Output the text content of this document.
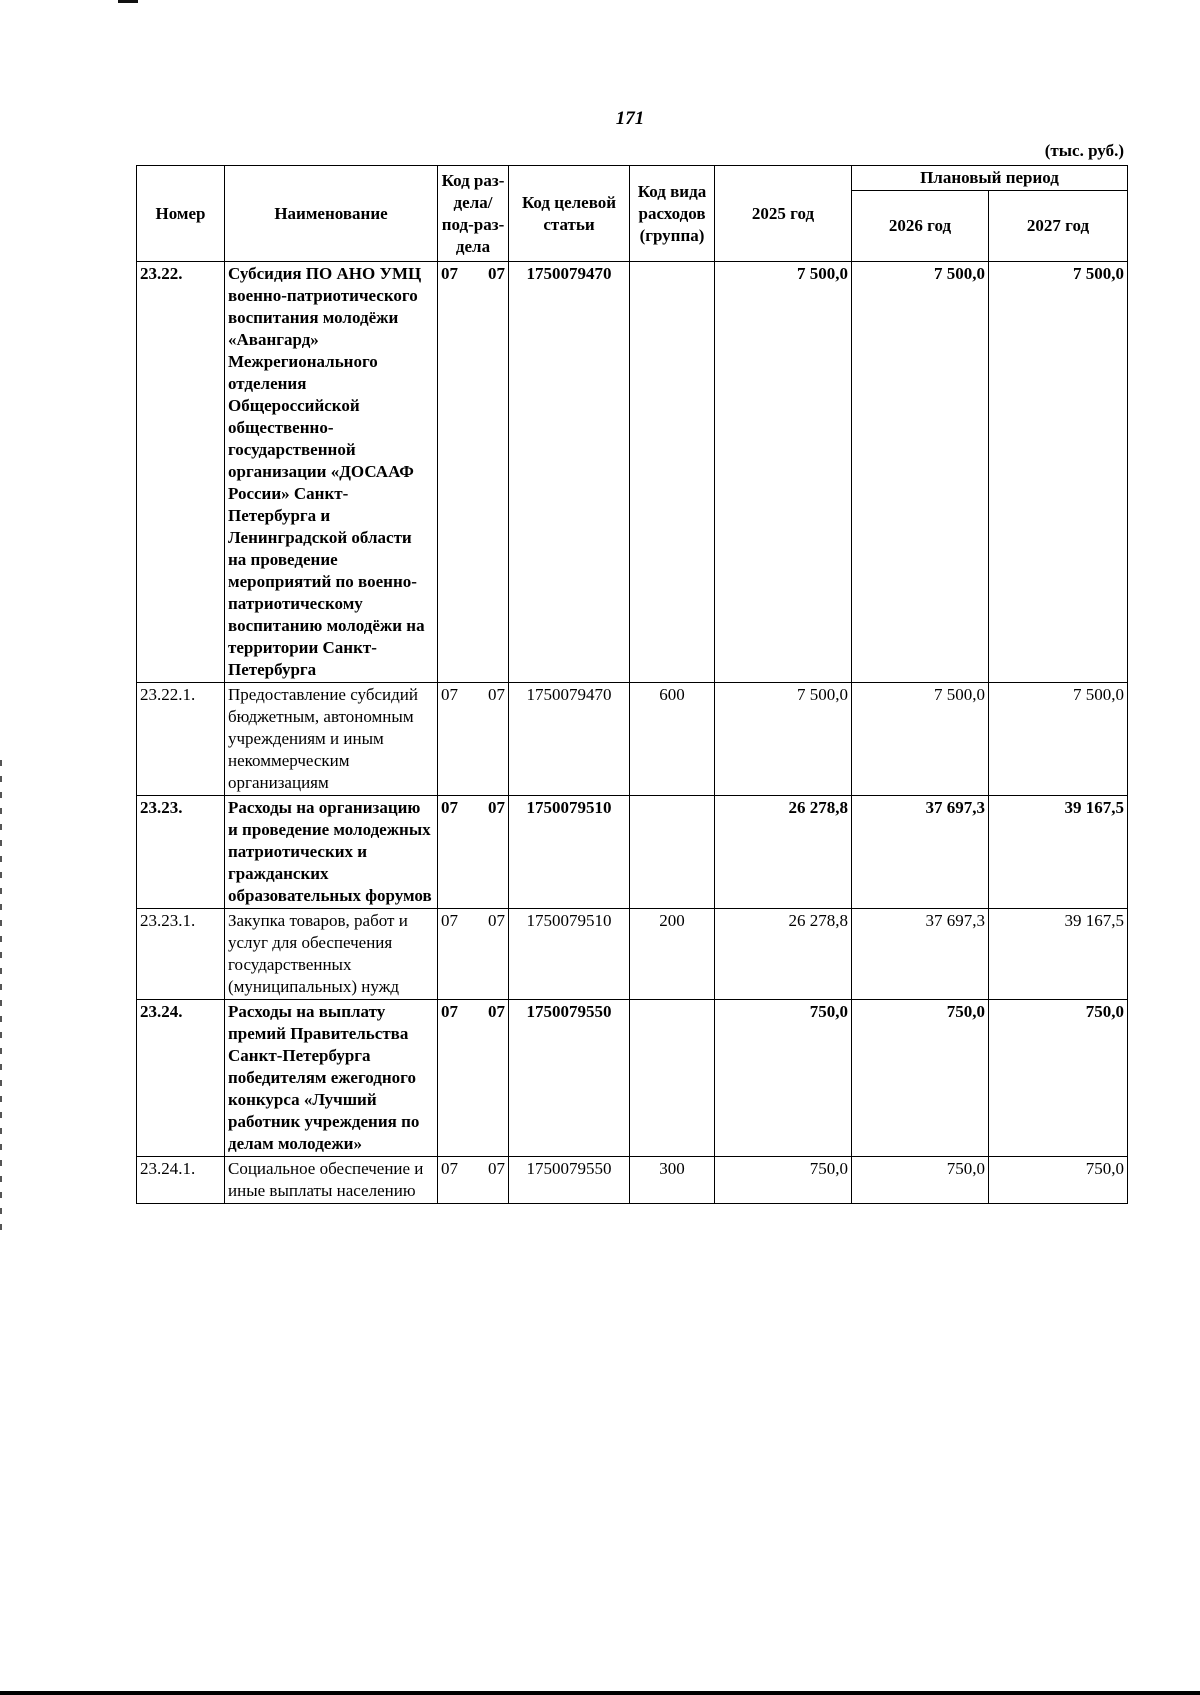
171
(тыс. руб.)
Номер	Наименование	Код раз-дела/ под-раз-дела	Код целевой статьи	Код вида расходов (группа)	2025 год	Плановый период	
						2026 год	2027 год
23.22.	Субсидия ПО АНО УМЦ военно-патриотического воспитания молодёжи «Авангард» Межрегионального отделения Общероссийской общественно-государственной организации «ДОСААФ России» Санкт-Петербурга и Ленинградской области на проведение мероприятий по военно-патриотическому воспитанию молодёжи на территории Санкт-Петербурга	07 07	1750079470		7 500,0	7 500,0	7 500,0
23.22.1.	Предоставление субсидий бюджетным, автономным учреждениям и иным некоммерческим организациям	07 07	1750079470	600	7 500,0	7 500,0	7 500,0
23.23.	Расходы на организацию и проведение молодежных патриотических и гражданских образовательных форумов	07 07	1750079510		26 278,8	37 697,3	39 167,5
23.23.1.	Закупка товаров, работ и услуг для обеспечения государственных (муниципальных) нужд	07 07	1750079510	200	26 278,8	37 697,3	39 167,5
23.24.	Расходы на выплату премий Правительства Санкт-Петербурга победителям ежегодного конкурса «Лучший работник учреждения по делам молодежи»	07 07	1750079550		750,0	750,0	750,0
23.24.1.	Социальное обеспечение и иные выплаты населению	07 07	1750079550	300	750,0	750,0	750,0
